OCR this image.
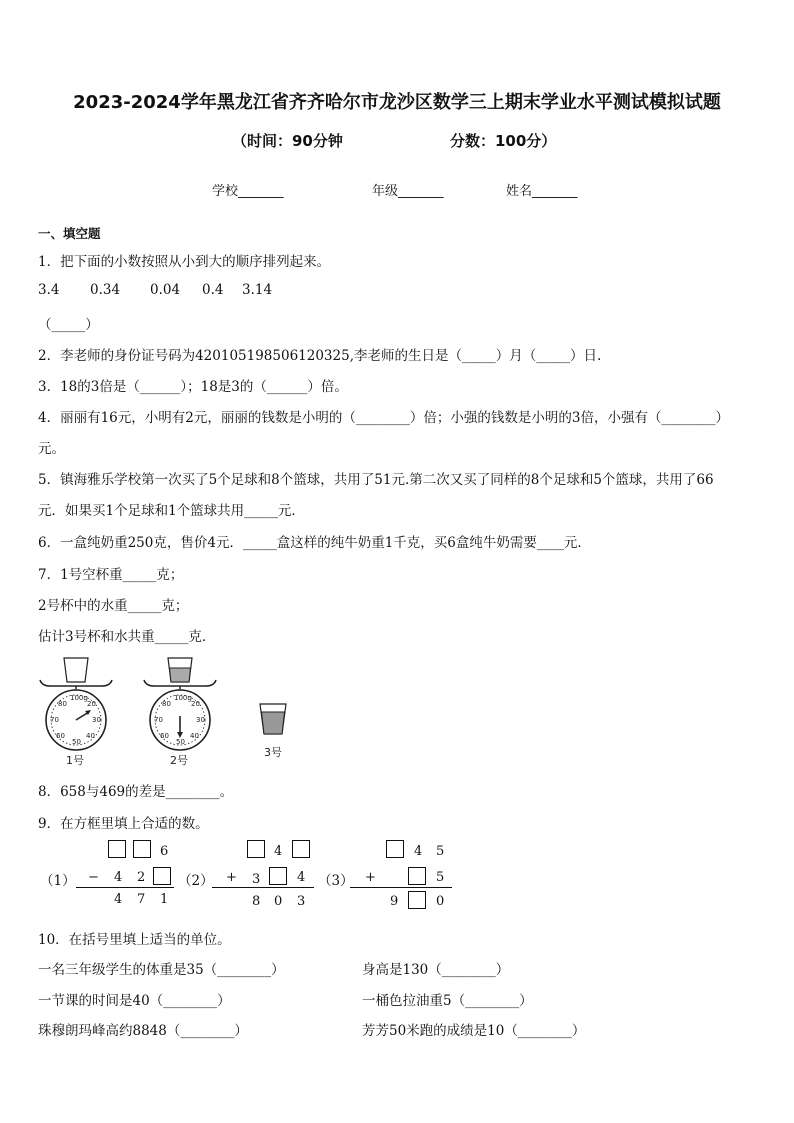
2023-2024学年黑龙江省齐齐哈尔市龙沙区数学三上期末学业水平测试模拟试题
（时间：90分钟	分数：100分）
学校_______	年级_______	姓名_______
一、填空题
1．把下面的小数按照从小到大的顺序排列起来。
3.4 0.34 0.04 0.4 3.14
（_____）
2．李老师的身份证号码为420105198506120325,李老师的生日是（_____）月（_____）日.
3．18的3倍是（______）；18是3的（______）倍。
4．丽丽有16元，小明有2元，丽丽的钱数是小明的（________）倍；小强的钱数是小明的3倍，小强有（________）
元。
5．镇海雅乐学校第一次买了5个足球和8个篮球，共用了51元.第二次又买了同样的8个足球和5个篮球，共用了66
元．如果买1个足球和1个篮球共用_____元．
6．一盒纯奶重250克，售价4元．_____盒这样的纯牛奶重1千克，买6盒纯牛奶需要____元．
7．1号空杯重_____克；
2号杯中的水重_____克；
估计3号杯和水共重_____克．
100g
20
80
70	30
60	40
50
1号
100g
20
80
70	30
60	40
50
2号
3号
8．658与469的差是________。
9．在方框里填上合适的数。
6
（1） − 4 2
4 7 1
4
（2） + 3	4
8 0 3
4 5
（3） +	5
9	0
10．在括号里填上适当的单位。
一名三年级学生的体重是35（________）	身高是130（________）
一节课的时间是40（________）	一桶色拉油重5（________）
珠穆朗玛峰高约8848（________）	芳芳50米跑的成绩是10（________）
